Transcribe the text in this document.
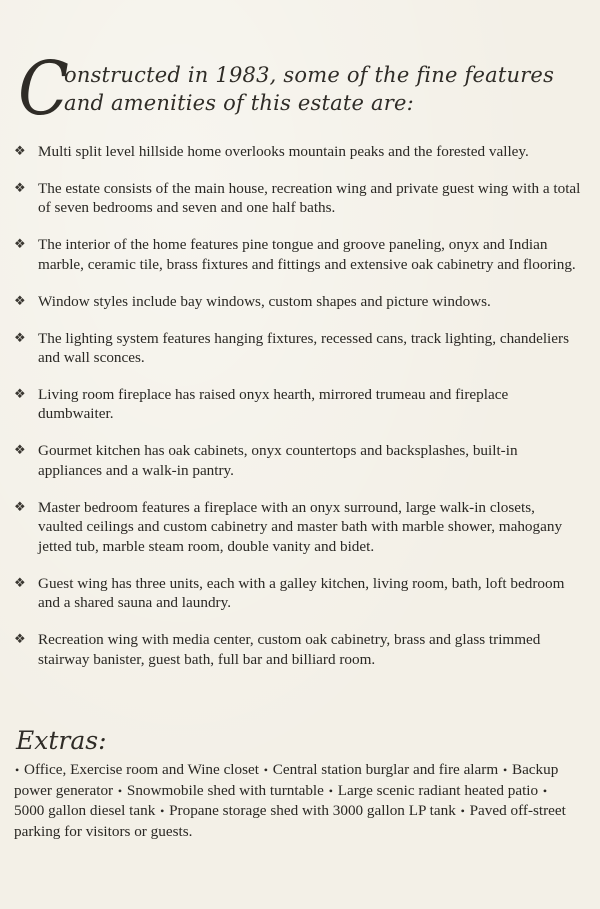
C
onstructed in 1983, some of the fine features
and amenities of this estate are:
❖ Multi split level hillside home overlooks mountain peaks and the forested valley.
❖ The estate consists of the main house, recreation wing and private guest wing with a total of seven bedrooms and seven and one half baths.
❖ The interior of the home features pine tongue and groove paneling, onyx and Indian marble, ceramic tile, brass fixtures and fittings and extensive oak cabinetry and flooring.
❖ Window styles include bay windows, custom shapes and picture windows.
❖ The lighting system features hanging fixtures, recessed cans, track lighting, chandeliers and wall sconces.
❖ Living room fireplace has raised onyx hearth, mirrored trumeau and fireplace dumbwaiter.
❖ Gourmet kitchen has oak cabinets, onyx countertops and backsplashes, built-in appliances and a walk-in pantry.
❖ Master bedroom features a fireplace with an onyx surround, large walk-in closets, vaulted ceilings and custom cabinetry and master bath with marble shower, mahogany jetted tub, marble steam room, double vanity and bidet.
❖ Guest wing has three units, each with a galley kitchen, living room, bath, loft bedroom and a shared sauna and laundry.
❖ Recreation wing with media center, custom oak cabinetry, brass and glass trimmed stairway banister, guest bath, full bar and billiard room.
Extras:
• Office, Exercise room and Wine closet • Central station burglar and fire alarm • Backup power generator • Snowmobile shed with turntable • Large scenic radiant heated patio • 5000 gallon diesel tank • Propane storage shed with 3000 gallon LP tank • Paved off-street parking for visitors or guests.
